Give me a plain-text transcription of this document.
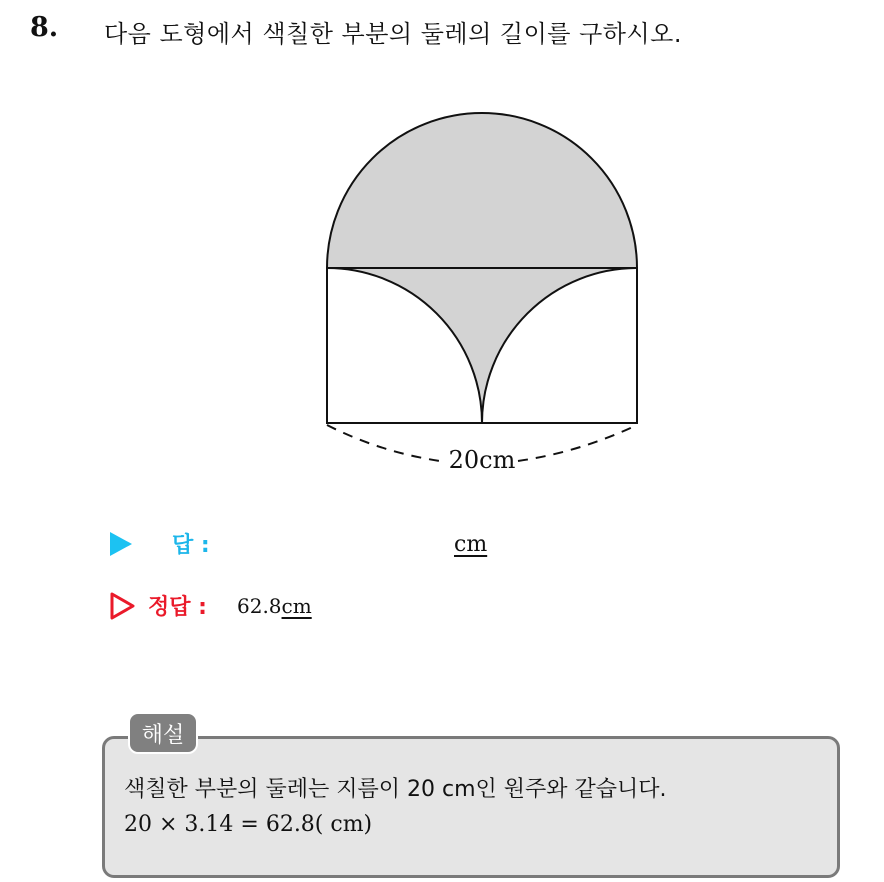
8. 다음 도형에서 색칠한 부분의 둘레의 길이를 구하시오.
20cm
답 :	cm
정답 : 62.8cm
해설
색칠한 부분의 둘레는 지름이 20 cm인 원주와 같습니다.
20 × 3.14 = 62.8( cm)
